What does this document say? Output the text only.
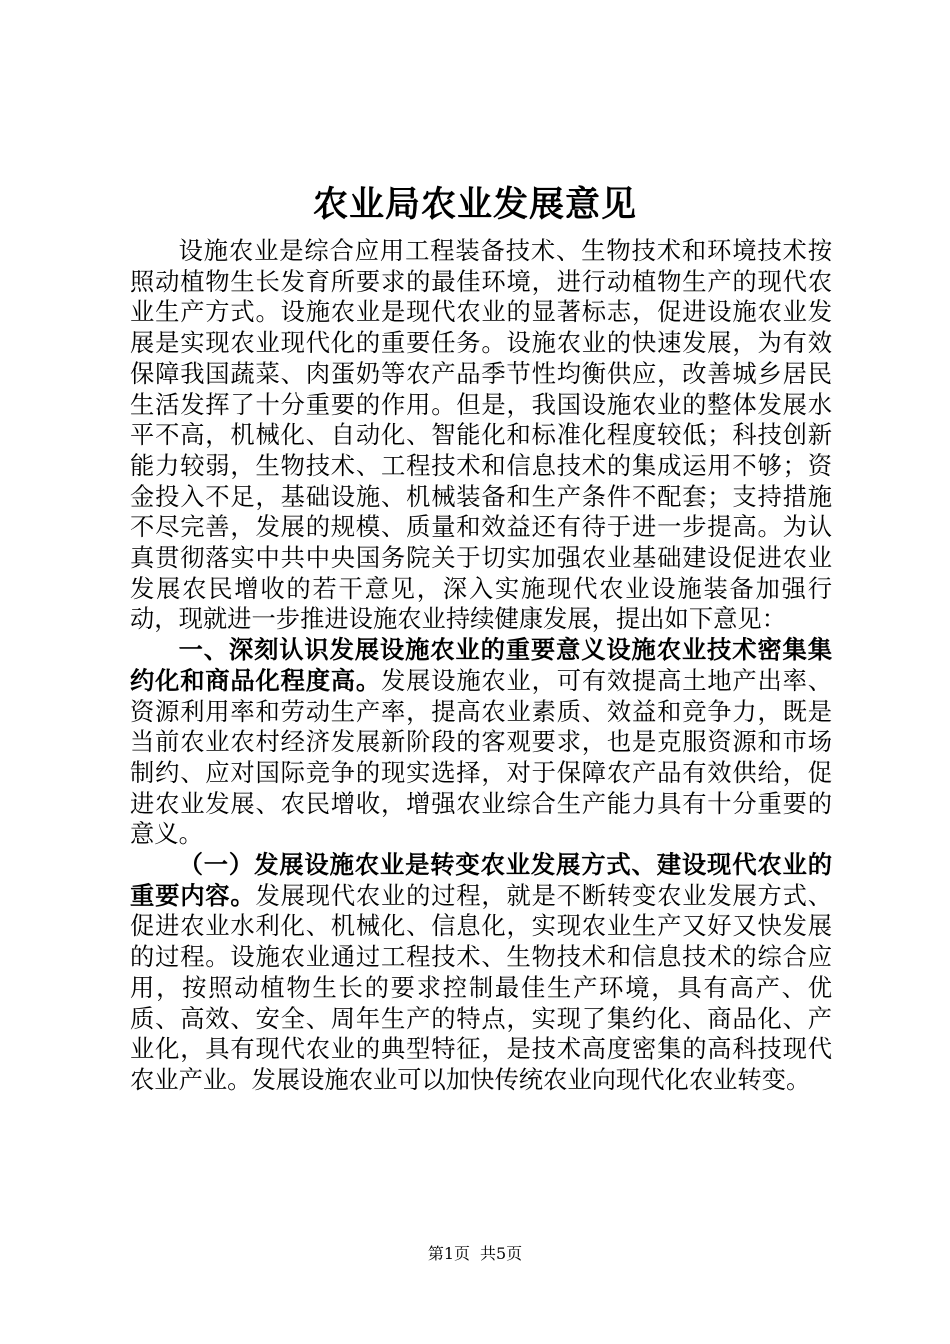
农业局农业发展意见

设施农业是综合应用工程装备技术、生物技术和环境技术按照动植物生长发育所要求的最佳环境，进行动植物生产的现代农业生产方式。设施农业是现代农业的显著标志，促进设施农业发展是实现农业现代化的重要任务。设施农业的快速发展，为有效保障我国蔬菜、肉蛋奶等农产品季节性均衡供应，改善城乡居民生活发挥了十分重要的作用。但是，我国设施农业的整体发展水平不高，机械化、自动化、智能化和标准化程度较低；科技创新能力较弱，生物技术、工程技术和信息技术的集成运用不够；资金投入不足，基础设施、机械装备和生产条件不配套；支持措施不尽完善，发展的规模、质量和效益还有待于进一步提高。为认真贯彻落实中共中央国务院关于切实加强农业基础建设促进农业发展农民增收的若干意见，深入实施现代农业设施装备加强行动，现就进一步推进设施农业持续健康发展，提出如下意见：

一、深刻认识发展设施农业的重要意义设施农业技术密集集约化和商品化程度高。发展设施农业，可有效提高土地产出率、资源利用率和劳动生产率，提高农业素质、效益和竞争力，既是当前农业农村经济发展新阶段的客观要求，也是克服资源和市场制约、应对国际竞争的现实选择，对于保障农产品有效供给，促进农业发展、农民增收，增强农业综合生产能力具有十分重要的意义。

（一）发展设施农业是转变农业发展方式、建设现代农业的重要内容。发展现代农业的过程，就是不断转变农业发展方式、促进农业水利化、机械化、信息化，实现农业生产又好又快发展的过程。设施农业通过工程技术、生物技术和信息技术的综合应用，按照动植物生长的要求控制最佳生产环境，具有高产、优质、高效、安全、周年生产的特点，实现了集约化、商品化、产业化，具有现代农业的典型特征，是技术高度密集的高科技现代农业产业。发展设施农业可以加快传统农业向现代化农业转变。

第1页 共5页
